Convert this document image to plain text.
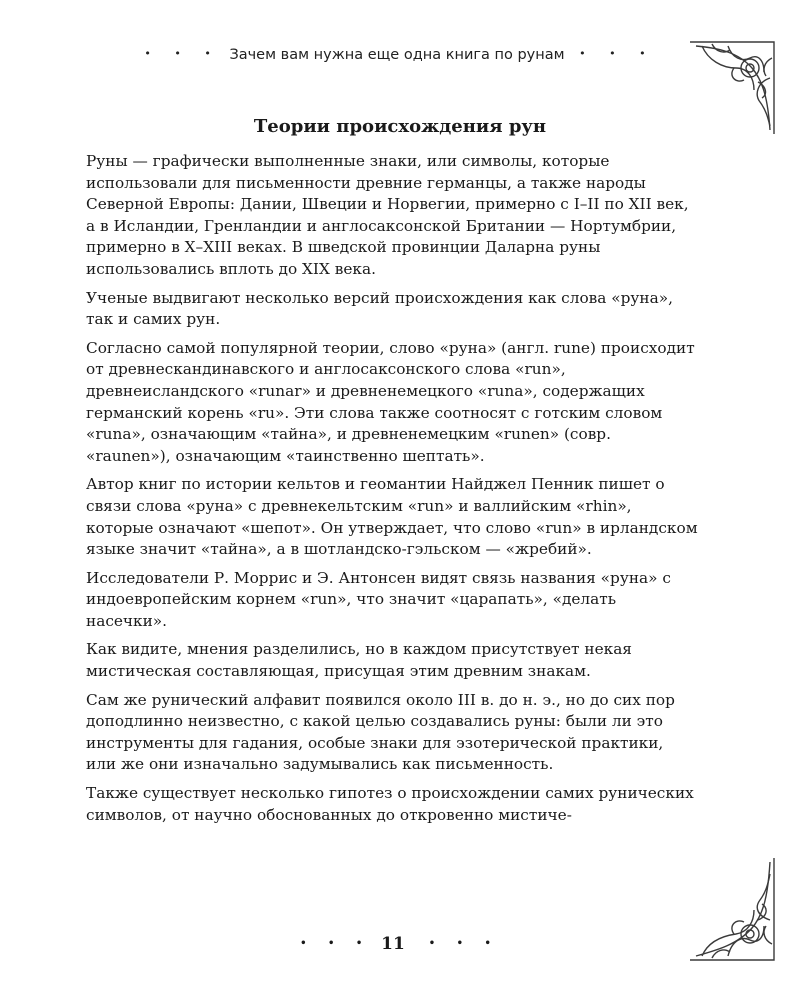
• • • Зачем вам нужна еще одна книга по рунам • • •
Теории происхождения рун

Руны — графически выполненные знаки, или символы, которые использовали для письменности древние германцы, а также народы Северной Европы: Дании, Швеции и Норвегии, примерно с I–II по XII век, а в Исландии, Гренландии и англосаксонской Британии — Нортумбрии, примерно в X–XIII веках. В шведской провинции Даларна руны использовались вплоть до XIX века.

Ученые выдвигают несколько версий происхождения как слова «руна», так и самих рун.

Согласно самой популярной теории, слово «руна» (англ. rune) происходит от древнескандинавского и англосаксонского слова «run», древнеисландского «runar» и древненемецкого «runa», содержащих германский корень «ru». Эти слова также соотносят с готским словом «runa», означающим «тайна», и древненемецким «runen» (совр. «raunen»), означающим «таинственно шептать».

Автор книг по истории кельтов и геомантии Найджел Пенник пишет о связи слова «руна» с древнекельтским «run» и валлийским «rhin», которые означают «шепот». Он утверждает, что слово «run» в ирландском языке значит «тайна», а в шотландско-гэльском — «жребий».

Исследователи Р. Моррис и Э. Антонсен видят связь названия «руна» с индоевропейским корнем «run», что значит «царапать», «делать насечки».

Как видите, мнения разделились, но в каждом присутствует некая мистическая составляющая, присущая этим древним знакам.

Сам же рунический алфавит появился около III в. до н. э., но до сих пор доподлинно неизвестно, с какой целью создавались руны: были ли это инструменты для гадания, особые знаки для эзотерической практики, или же они изначально задумывались как письменность.

Также существует несколько гипотез о происхождении самих рунических символов, от научно обоснованных до откровенно мистиче-

• • • 11 • • •
